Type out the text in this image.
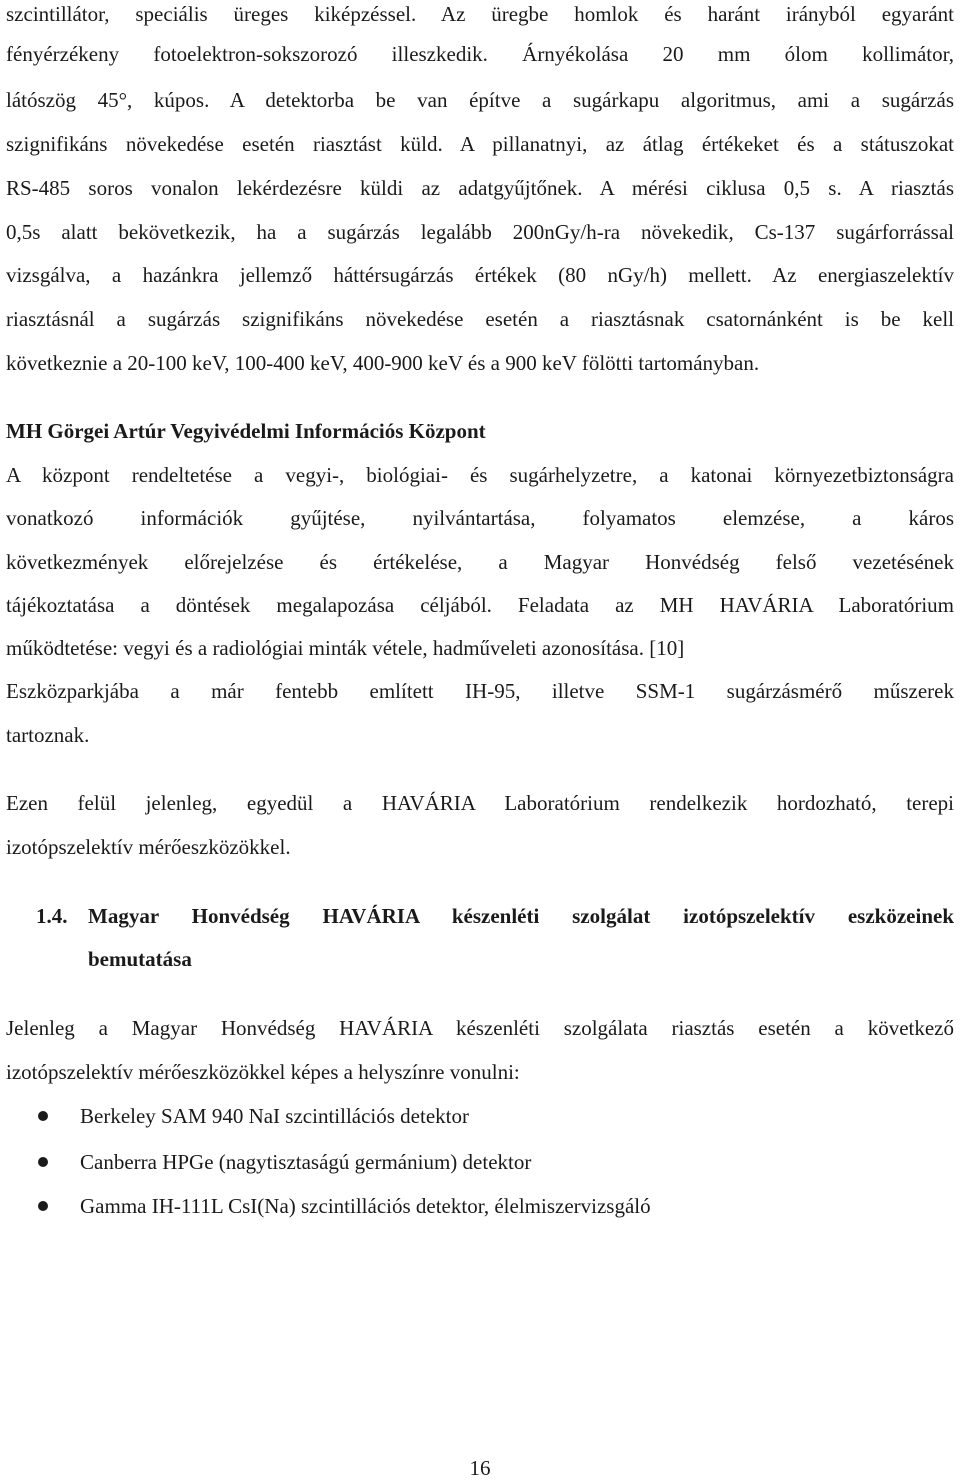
szcintillátor, speciális üreges kiképzéssel. Az üregbe homlok és haránt irányból egyaránt
fényérzékeny fotoelektron-sokszorozó illeszkedik. Árnyékolása 20 mm ólom kollimátor,
látószög 45°, kúpos. A detektorba be van építve a sugárkapu algoritmus, ami a sugárzás
szignifikáns növekedése esetén riasztást küld. A pillanatnyi, az átlag értékeket és a státuszokat
RS-485 soros vonalon lekérdezésre küldi az adatgyűjtőnek. A mérési ciklusa 0,5 s. A riasztás
0,5s alatt bekövetkezik, ha a sugárzás legalább 200nGy/h-ra növekedik, Cs-137 sugárforrással
vizsgálva, a hazánkra jellemző háttérsugárzás értékek (80 nGy/h) mellett. Az energiaszelektív
riasztásnál a sugárzás szignifikáns növekedése esetén a riasztásnak csatornánként is be kell
következnie a 20-100 keV, 100-400 keV, 400-900 keV és a 900 keV fölötti tartományban.
MH Görgei Artúr Vegyivédelmi Információs Központ
A központ rendeltetése a vegyi-, biológiai- és sugárhelyzetre, a katonai környezetbiztonságra
vonatkozó információk gyűjtése, nyilvántartása, folyamatos elemzése, a káros
következmények előrejelzése és értékelése, a Magyar Honvédség felső vezetésének
tájékoztatása a döntések megalapozása céljából. Feladata az MH HAVÁRIA Laboratórium
működtetése: vegyi és a radiológiai minták vétele, hadműveleti azonosítása. [10]
Eszközparkjába a már fentebb említett IH-95, illetve SSM-1 sugárzásmérő műszerek
tartoznak.
Ezen felül jelenleg, egyedül a HAVÁRIA Laboratórium rendelkezik hordozható, terepi
izotópszelektív mérőeszközökkel.
1.4. Magyar Honvédség HAVÁRIA készenléti szolgálat izotópszelektív eszközeinek
bemutatása
Jelenleg a Magyar Honvédség HAVÁRIA készenléti szolgálata riasztás esetén a következő
izotópszelektív mérőeszközökkel képes a helyszínre vonulni:
Berkeley SAM 940 NaI szcintillációs detektor
Canberra HPGe (nagytisztaságú germánium) detektor
Gamma IH-111L CsI(Na) szcintillációs detektor, élelmiszervizsgáló
16
